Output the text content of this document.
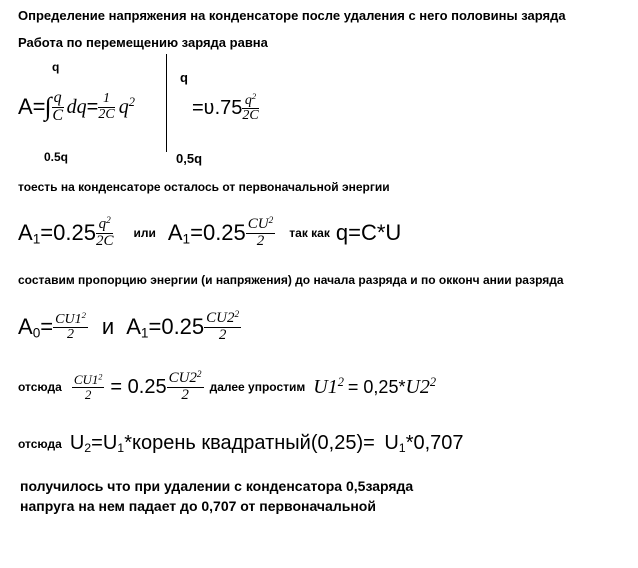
Определение напряжения на конденсаторе после удаления с него половины заряда
Работа по перемещению заряда равна
q
A= ∫ $\frac{q}{C}$ dq = $\frac{1}{2C} q^2$
0.5q
q
0,5q
=ʋ.75 $\frac{q^2}{2C}$
тоесть на конденсаторе осталось от первоначальной энергии
$A_1=0.25 \frac{q^2}{2C}$ или $A_1=0.25 \frac{CU^2}{2}$ так как q=C*U
составим пропорцию энергии (и напряжения) до начала разряда и по окконч ании разряда
$A_0= \frac{CU1^2}{2}$ и $A_1=0.25 \frac{CU2^2}{2}$
отсюда $\frac{CU1^2}{2} = 0.25 \frac{CU2^2}{2}$ далее упростим $U1^2 = 0,25*$ $U2^2$
отсюда $U_2=U_1*корень$ квадратный(0,25)= $U_1*0,707$
получилось что при удалении с конденсатора 0,5заряда
напруга на нем падает до 0,707 от первоначальной
